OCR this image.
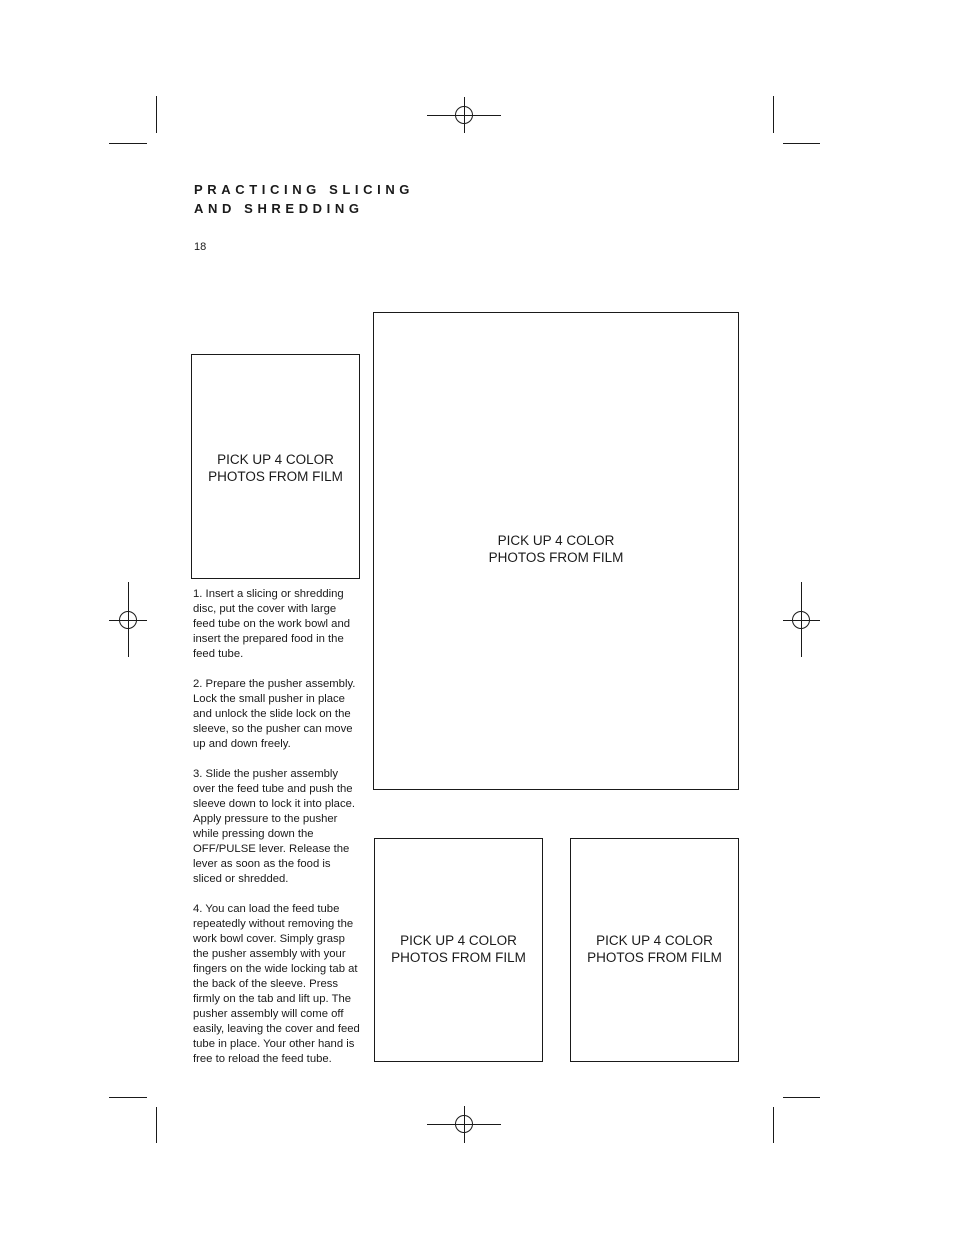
PRACTICING SLICING
AND SHREDDING
18
PICK UP 4 COLOR
PHOTOS FROM FILM
PICK UP 4 COLOR
PHOTOS FROM FILM
PICK UP 4 COLOR
PHOTOS FROM FILM
PICK UP 4 COLOR
PHOTOS FROM FILM

1. Insert a slicing or shredding disc, put the cover with large feed tube on the work bowl and insert the prepared food in the feed tube.

2. Prepare the pusher assembly. Lock the small pusher in place and unlock the slide lock on the sleeve, so the pusher can move up and down freely.

3. Slide the pusher assembly over the feed tube and push the sleeve down to lock it into place. Apply pressure to the pusher while pressing down the OFF/PULSE lever. Release the lever as soon as the food is sliced or shredded.

4. You can load the feed tube repeatedly without removing the work bowl cover. Simply grasp the pusher assembly with your fingers on the wide locking tab at the back of the sleeve. Press firmly on the tab and lift up. The pusher assembly will come off easily, leaving the cover and feed tube in place. Your other hand is free to reload the feed tube.
